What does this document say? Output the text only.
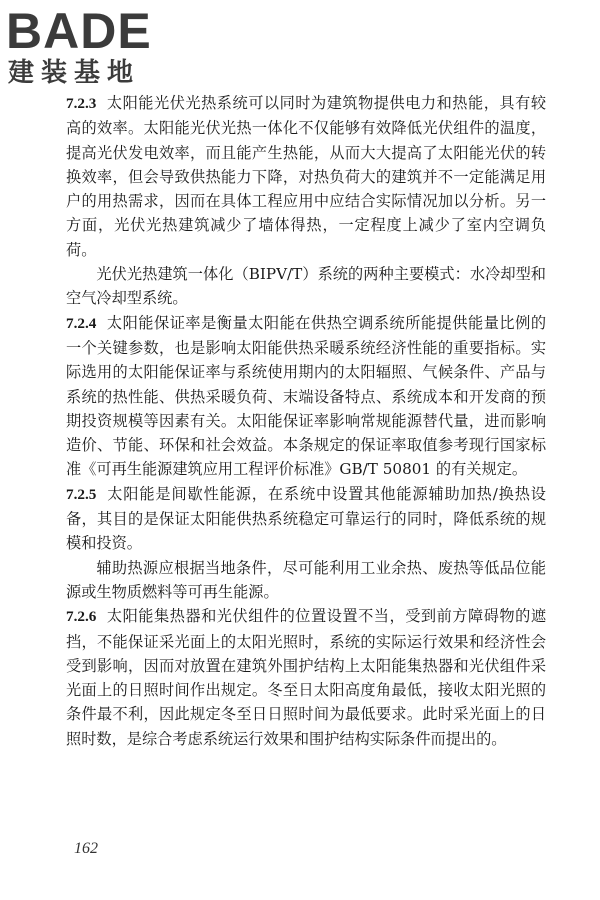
BADE
建装基地

7.2.3 太阳能光伏光热系统可以同时为建筑物提供电力和热能，具有较高的效率。太阳能光伏光热一体化不仅能够有效降低光伏组件的温度，提高光伏发电效率，而且能产生热能，从而大大提高了太阳能光伏的转换效率，但会导致供热能力下降，对热负荷大的建筑并不一定能满足用户的用热需求，因而在具体工程应用中应结合实际情况加以分析。另一方面，光伏光热建筑减少了墙体得热，一定程度上减少了室内空调负荷。

光伏光热建筑一体化（BIPV/T）系统的两种主要模式：水冷却型和空气冷却型系统。

7.2.4 太阳能保证率是衡量太阳能在供热空调系统所能提供能量比例的一个关键参数，也是影响太阳能供热采暖系统经济性能的重要指标。实际选用的太阳能保证率与系统使用期内的太阳辐照、气候条件、产品与系统的热性能、供热采暖负荷、末端设备特点、系统成本和开发商的预期投资规模等因素有关。太阳能保证率影响常规能源替代量，进而影响造价、节能、环保和社会效益。本条规定的保证率取值参考现行国家标准《可再生能源建筑应用工程评价标准》GB/T 50801 的有关规定。

7.2.5 太阳能是间歇性能源，在系统中设置其他能源辅助加热/换热设备，其目的是保证太阳能供热系统稳定可靠运行的同时，降低系统的规模和投资。

辅助热源应根据当地条件，尽可能利用工业余热、废热等低品位能源或生物质燃料等可再生能源。

7.2.6 太阳能集热器和光伏组件的位置设置不当，受到前方障碍物的遮挡，不能保证采光面上的太阳光照时，系统的实际运行效果和经济性会受到影响，因而对放置在建筑外围护结构上太阳能集热器和光伏组件采光面上的日照时间作出规定。冬至日太阳高度角最低，接收太阳光照的条件最不利，因此规定冬至日日照时间为最低要求。此时采光面上的日照时数，是综合考虑系统运行效果和围护结构实际条件而提出的。

162
